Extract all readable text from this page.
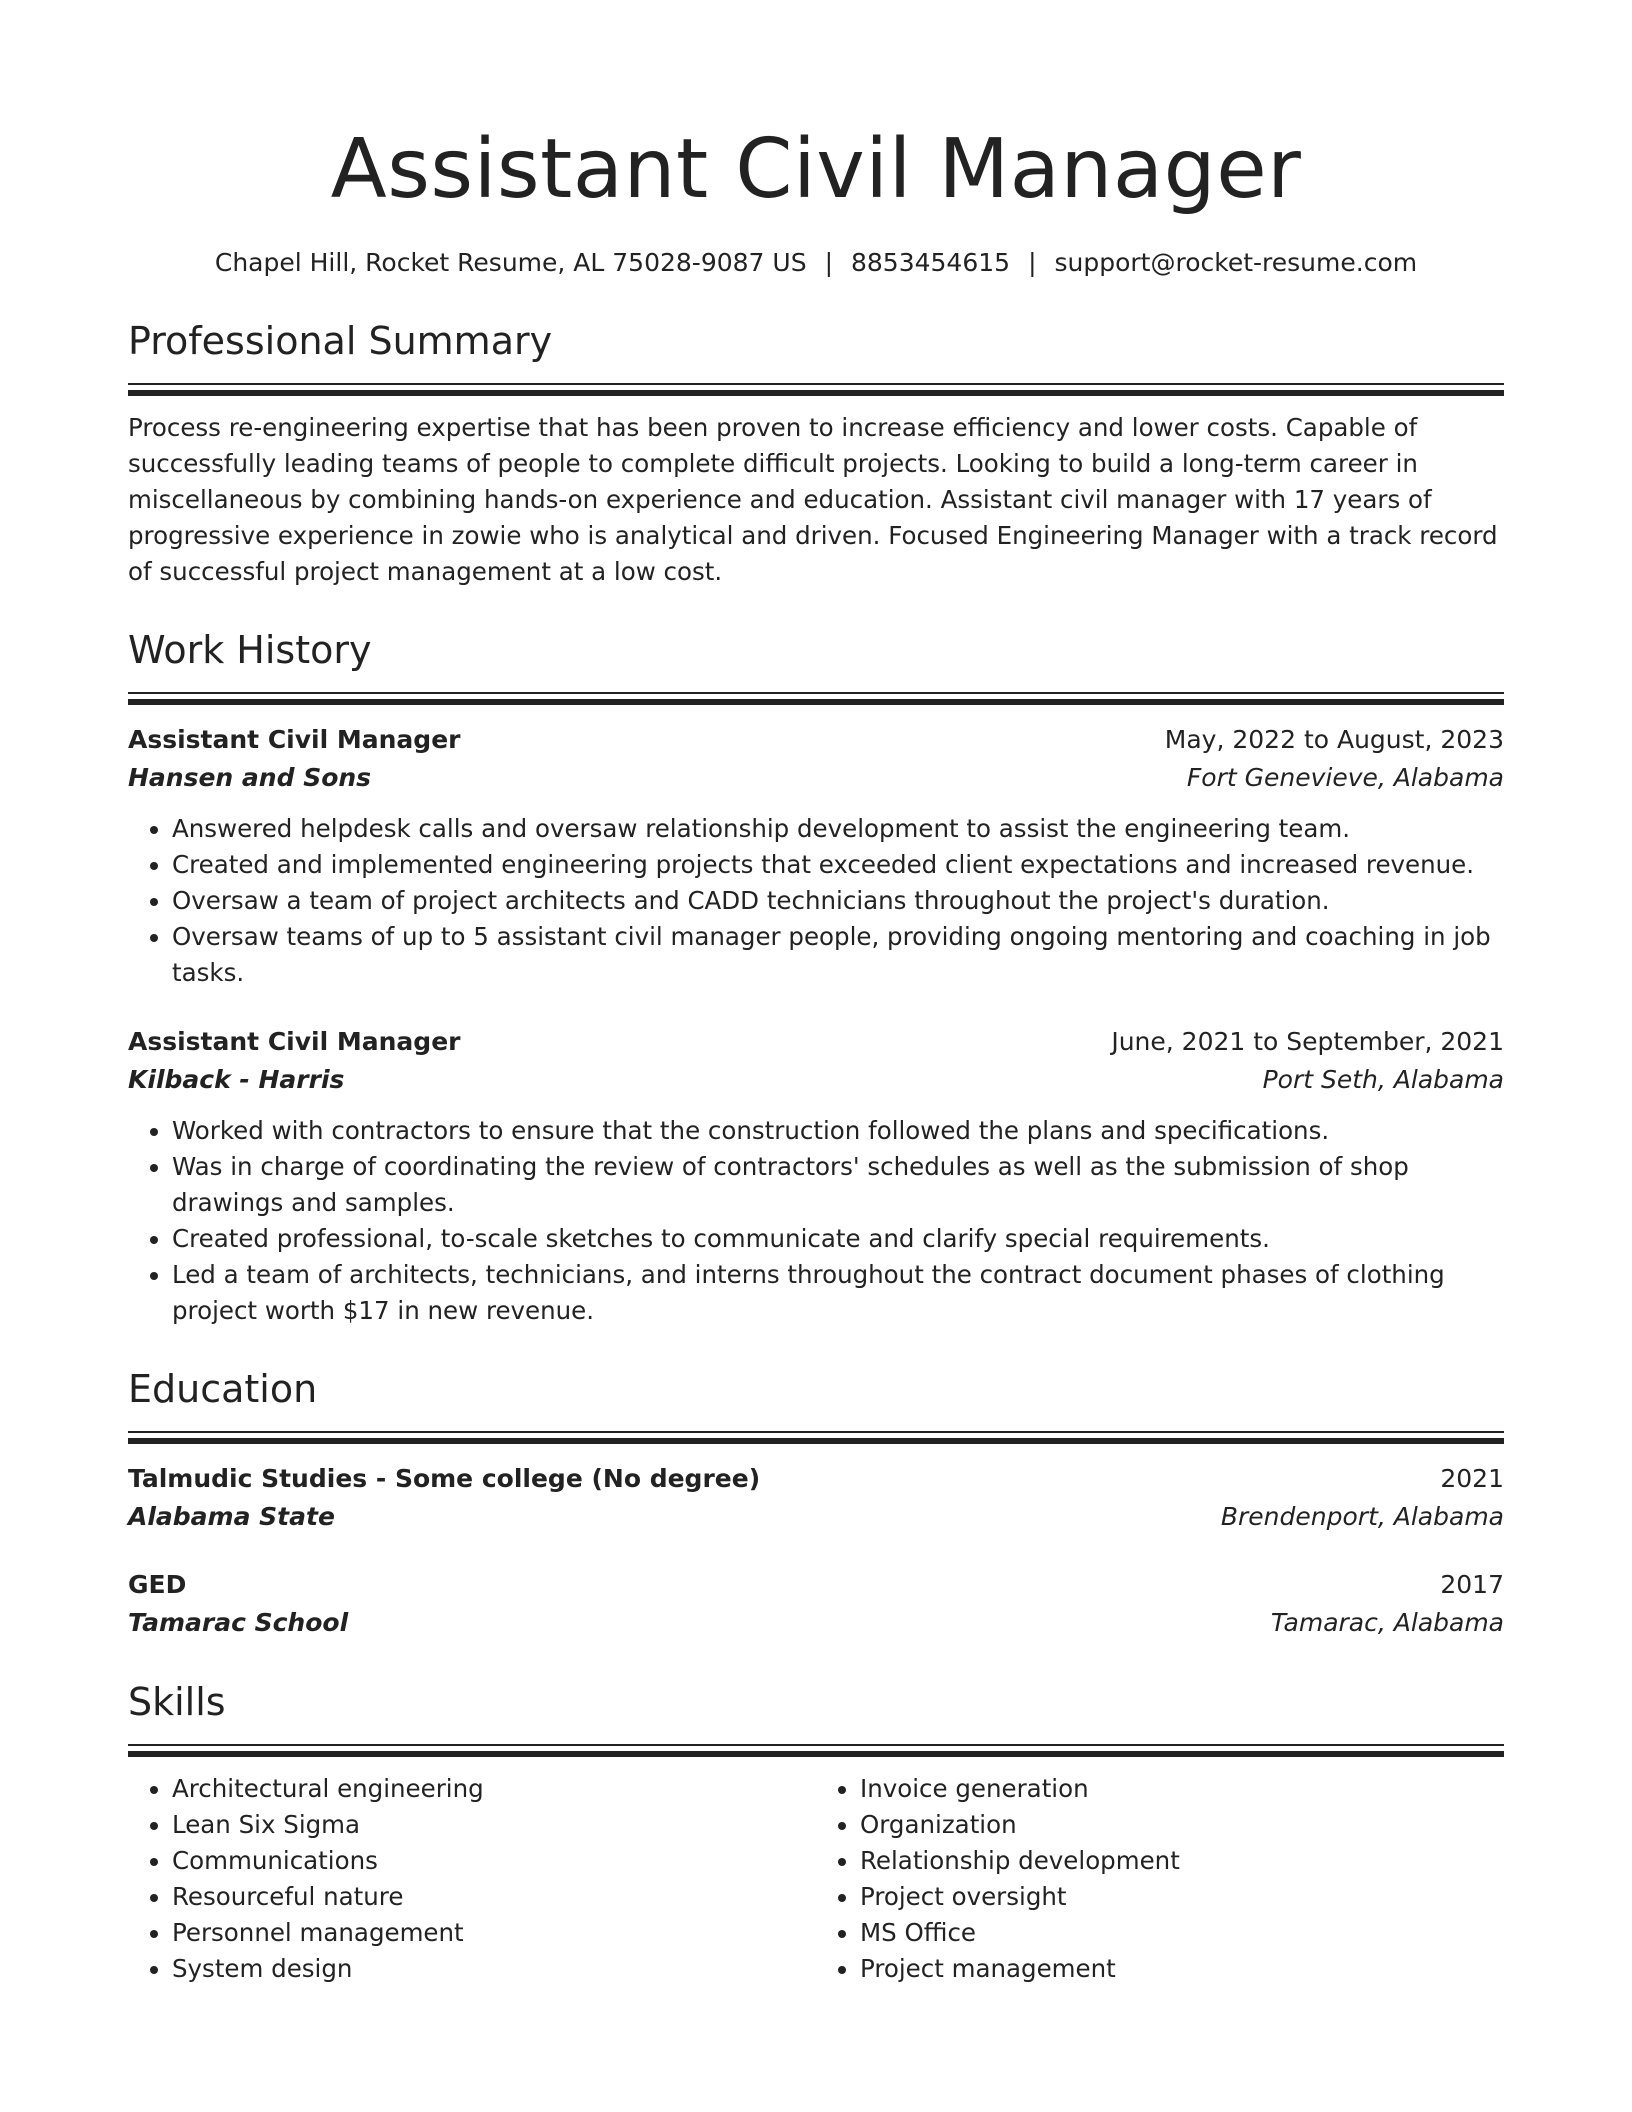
Assistant Civil Manager
Chapel Hill, Rocket Resume, AL 75028-9087 US | 8853454615 | support@rocket-resume.com
Professional Summary
Process re-engineering expertise that has been proven to increase efficiency and lower costs. Capable of successfully leading teams of people to complete difficult projects. Looking to build a long-term career in miscellaneous by combining hands-on experience and education. Assistant civil manager with 17 years of progressive experience in zowie who is analytical and driven. Focused Engineering Manager with a track record of successful project management at a low cost.
Work History
Assistant Civil Manager	May, 2022 to August, 2023
Hansen and Sons	Fort Genevieve, Alabama
• Answered helpdesk calls and oversaw relationship development to assist the engineering team.
• Created and implemented engineering projects that exceeded client expectations and increased revenue.
• Oversaw a team of project architects and CADD technicians throughout the project's duration.
• Oversaw teams of up to 5 assistant civil manager people, providing ongoing mentoring and coaching in job tasks.
Assistant Civil Manager	June, 2021 to September, 2021
Kilback - Harris	Port Seth, Alabama
• Worked with contractors to ensure that the construction followed the plans and specifications.
• Was in charge of coordinating the review of contractors' schedules as well as the submission of shop drawings and samples.
• Created professional, to-scale sketches to communicate and clarify special requirements.
• Led a team of architects, technicians, and interns throughout the contract document phases of clothing project worth $17 in new revenue.
Education
Talmudic Studies - Some college (No degree)	2021
Alabama State	Brendenport, Alabama
GED	2017
Tamarac School	Tamarac, Alabama
Skills
• Architectural engineering
• Lean Six Sigma
• Communications
• Resourceful nature
• Personnel management
• System design
• Invoice generation
• Organization
• Relationship development
• Project oversight
• MS Office
• Project management
